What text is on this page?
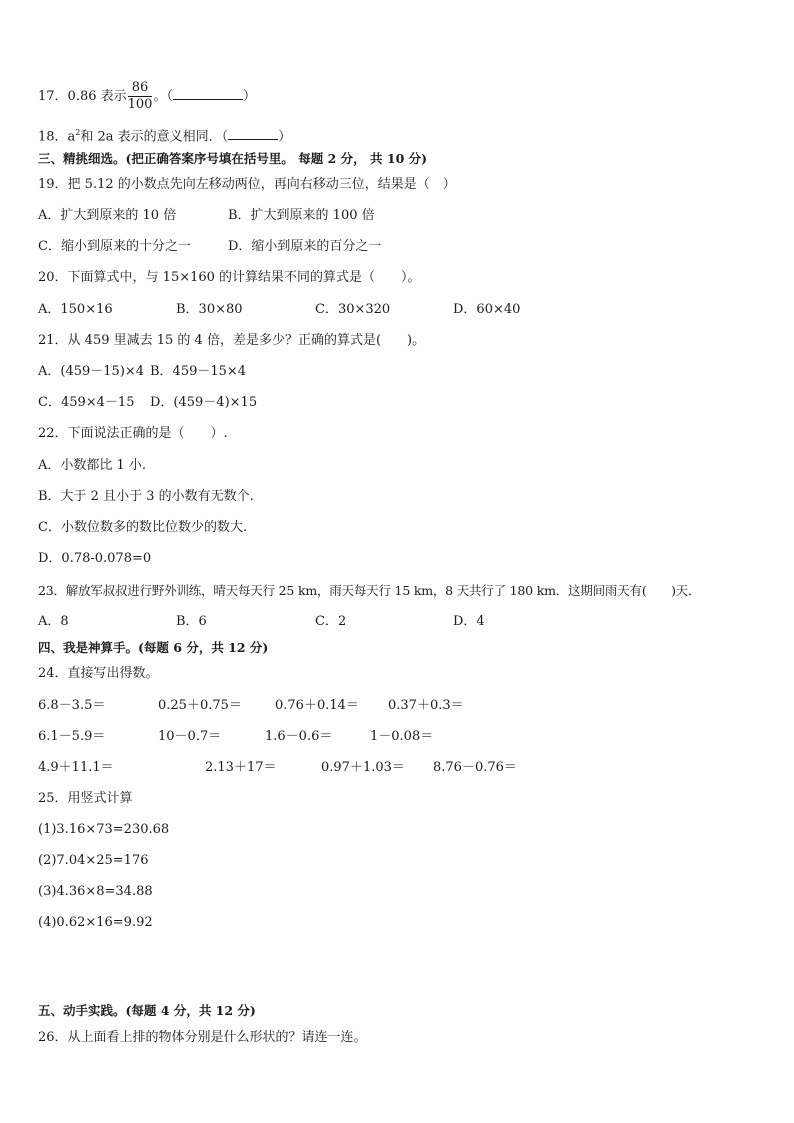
17．0.86 表示 $\frac{86}{100}$ 。（	）
18．$a^2$和 2a 表示的意义相同．（	）
三、精挑细选。(把正确答案序号填在括号里。 每题 2 分， 共 10 分)
19．把 5.12 的小数点先向左移动两位，再向右移动三位，结果是（　）
A．扩大到原来的 10 倍	B．扩大到原来的 100 倍
C．缩小到原来的十分之一	D．缩小到原来的百分之一
20．下面算式中，与 15×160 的计算结果不同的算式是（　　）。
A．150×16	B．30×80	C．30×320	D．60×40
21．从 459 里减去 15 的 4 倍，差是多少？正确的算式是(　　)。
A．(459－15)×4 B．459－15×4
C．459×4－15 D．(459－4)×15
22．下面说法正确的是（　　）.
A．小数都比 1 小.
B．大于 2 且小于 3 的小数有无数个.
C．小数位数多的数比位数少的数大.
D．0.78-0.078=0
23．解放军叔叔进行野外训练，晴天每天行 25 km，雨天每天行 15 km，8 天共行了 180 km．这期间雨天有(　　)天．
A．8	B．6	C．2	D．4
四、我是神算手。(每题 6 分，共 12 分)
24．直接写出得数。
6.8－3.5＝	0.25＋0.75＝	0.76＋0.14＝ 0.37＋0.3＝
6.1－5.9＝	10－0.7＝	1.6－0.6＝	1－0.08＝
4.9＋11.1＝	2.13＋17＝	0.97＋1.03＝ 8.76－0.76＝
25．用竖式计算
(1)3.16×73=230.68
(2)7.04×25=176
(3)4.36×8=34.88
(4)0.62×16=9.92
五、动手实践。(每题 4 分，共 12 分)
26．从上面看上排的物体分别是什么形状的？请连一连。
